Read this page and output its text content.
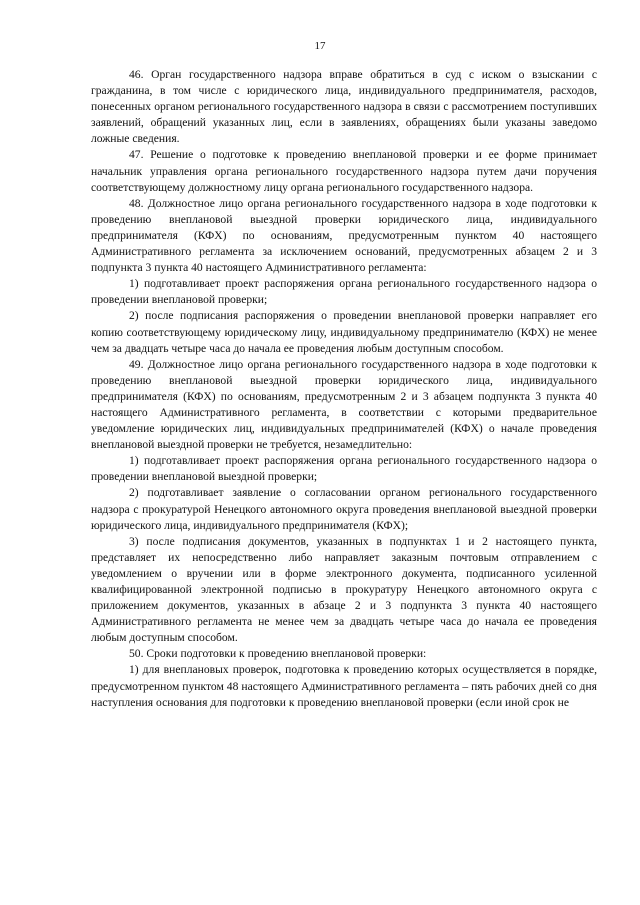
17

46. Орган государственного надзора вправе обратиться в суд с иском о взыскании с гражданина, в том числе с юридического лица, индивидуального предпринимателя, расходов, понесенных органом регионального государственного надзора в связи с рассмотрением поступивших заявлений, обращений указанных лиц, если в заявлениях, обращениях были указаны заведомо ложные сведения.

47. Решение о подготовке к проведению внеплановой проверки и ее форме принимает начальник управления органа регионального государственного надзора путем дачи поручения соответствующему должностному лицу органа регионального государственного надзора.

48. Должностное лицо органа регионального государственного надзора в ходе подготовки к проведению внеплановой выездной проверки юридического лица, индивидуального предпринимателя (КФХ) по основаниям, предусмотренным пунктом 40 настоящего Административного регламента за исключением оснований, предусмотренных абзацем 2 и 3 подпункта 3 пункта 40 настоящего Административного регламента:

1) подготавливает проект распоряжения органа регионального государственного надзора о проведении внеплановой проверки;

2) после подписания распоряжения о проведении внеплановой проверки направляет его копию соответствующему юридическому лицу, индивидуальному предпринимателю (КФХ) не менее чем за двадцать четыре часа до начала ее проведения любым доступным способом.

49. Должностное лицо органа регионального государственного надзора в ходе подготовки к проведению внеплановой выездной проверки юридического лица, индивидуального предпринимателя (КФХ) по основаниям, предусмотренным 2 и 3 абзацем подпункта 3 пункта 40 настоящего Административного регламента, в соответствии с которыми предварительное уведомление юридических лиц, индивидуальных предпринимателей (КФХ) о начале проведения внеплановой выездной проверки не требуется, незамедлительно:

1) подготавливает проект распоряжения органа регионального государственного надзора о проведении внеплановой выездной проверки;

2) подготавливает заявление о согласовании органом регионального государственного надзора с прокуратурой Ненецкого автономного округа проведения внеплановой выездной проверки юридического лица, индивидуального предпринимателя (КФХ);

3) после подписания документов, указанных в подпунктах 1 и 2 настоящего пункта, представляет их непосредственно либо направляет заказным почтовым отправлением с уведомлением о вручении или в форме электронного документа, подписанного усиленной квалифицированной электронной подписью в прокуратуру Ненецкого автономного округа с приложением документов, указанных в абзаце 2 и 3 подпункта 3 пункта 40 настоящего Административного регламента не менее чем за двадцать четыре часа до начала ее проведения любым доступным способом.

50. Сроки подготовки к проведению внеплановой проверки:

1) для внеплановых проверок, подготовка к проведению которых осуществляется в порядке, предусмотренном пунктом 48 настоящего Административного регламента – пять рабочих дней со дня наступления основания для подготовки к проведению внеплановой проверки (если иной срок не
